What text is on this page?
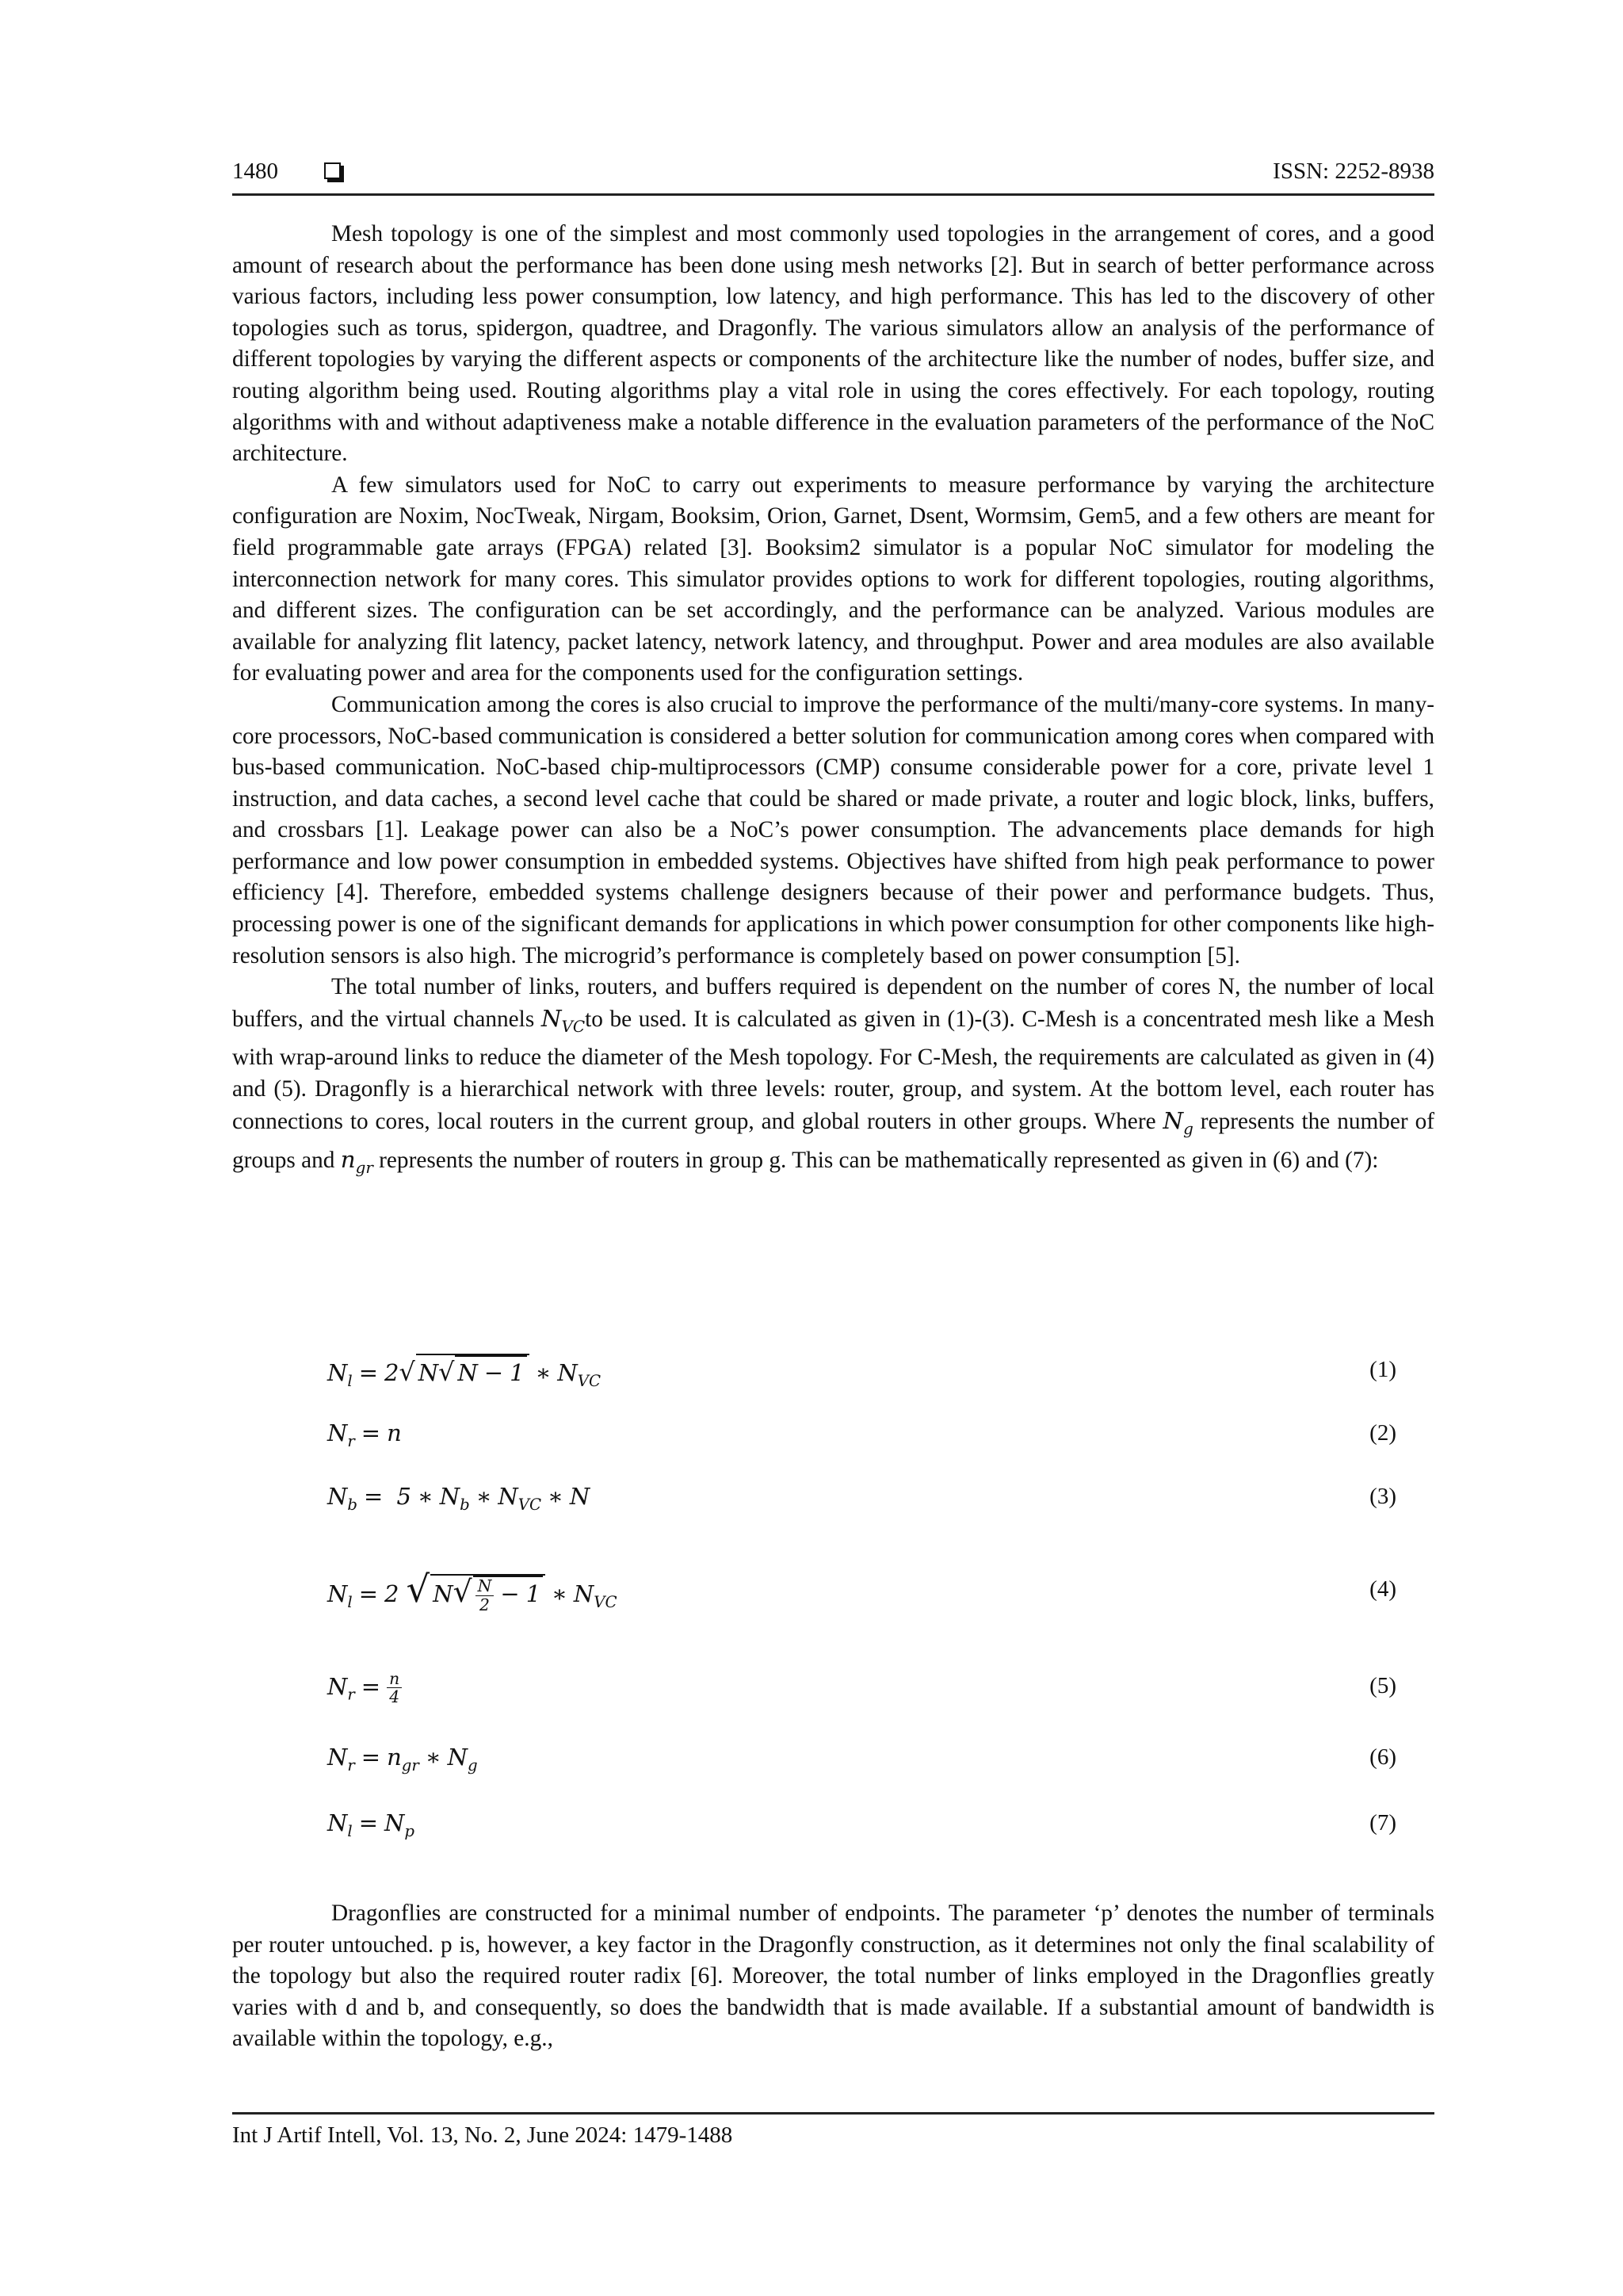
1480	ISSN: 2252-8938

Mesh topology is one of the simplest and most commonly used topologies in the arrangement of cores, and a good amount of research about the performance has been done using mesh networks [2]. But in search of better performance across various factors, including less power consumption, low latency, and high performance. This has led to the discovery of other topologies such as torus, spidergon, quadtree, and Dragonfly. The various simulators allow an analysis of the performance of different topologies by varying the different aspects or components of the architecture like the number of nodes, buffer size, and routing algorithm being used. Routing algorithms play a vital role in using the cores effectively. For each topology, routing algorithms with and without adaptiveness make a notable difference in the evaluation parameters of the performance of the NoC architecture.

A few simulators used for NoC to carry out experiments to measure performance by varying the architecture configuration are Noxim, NocTweak, Nirgam, Booksim, Orion, Garnet, Dsent, Wormsim, Gem5, and a few others are meant for field programmable gate arrays (FPGA) related [3]. Booksim2 simulator is a popular NoC simulator for modeling the interconnection network for many cores. This simulator provides options to work for different topologies, routing algorithms, and different sizes. The configuration can be set accordingly, and the performance can be analyzed. Various modules are available for analyzing flit latency, packet latency, network latency, and throughput. Power and area modules are also available for evaluating power and area for the components used for the configuration settings.

Communication among the cores is also crucial to improve the performance of the multi/many-core systems. In many-core processors, NoC-based communication is considered a better solution for communication among cores when compared with bus-based communication. NoC-based chip-multiprocessors (CMP) consume considerable power for a core, private level 1 instruction, and data caches, a second level cache that could be shared or made private, a router and logic block, links, buffers, and crossbars [1]. Leakage power can also be a NoC’s power consumption. The advancements place demands for high performance and low power consumption in embedded systems. Objectives have shifted from high peak performance to power efficiency [4]. Therefore, embedded systems challenge designers because of their power and performance budgets. Thus, processing power is one of the significant demands for applications in which power consumption for other components like high-resolution sensors is also high. The microgrid’s performance is completely based on power consumption [5].

The total number of links, routers, and buffers required is dependent on the number of cores N, the number of local buffers, and the virtual channels $N_{VC}to$ be used. It is calculated as given in (1)-(3). C-Mesh is a concentrated mesh like a Mesh with wrap-around links to reduce the diameter of the Mesh topology. For C-Mesh, the requirements are calculated as given in (4) and (5). Dragonfly is a hierarchical network with three levels: router, group, and system. At the bottom level, each router has connections to cores, local routers in the current group, and global routers in other groups. Where $N_g$ represents the number of groups and $n_{gr}$ represents the number of routers in group g. This can be mathematically represented as given in (6) and (7):

$N_l = 2√$ N√ N − 1 ∗ $N_{VC}$	(1)
$N_r = n$	(2)
$N_b = 5$ ∗ $N_b$ ∗ $N_{VC}$ ∗ N	(3)
$N_l = 2$ √ $N√ \frac{N}{2} - 1$ ∗ $N_{VC}$
(4)
$N_r = \frac{n}{4}$	(5)
$N_r = n_{gr}$ ∗ $N_g$	(6)
$N_l = N_p$	(7)

Dragonflies are constructed for a minimal number of endpoints. The parameter ‘p’ denotes the number of terminals per router untouched. p is, however, a key factor in the Dragonfly construction, as it determines not only the final scalability of the topology but also the required router radix [6]. Moreover, the total number of links employed in the Dragonflies greatly varies with d and b, and consequently, so does the bandwidth that is made available. If a substantial amount of bandwidth is available within the topology, e.g.,

Int J Artif Intell, Vol. 13, No. 2, June 2024: 1479-1488
